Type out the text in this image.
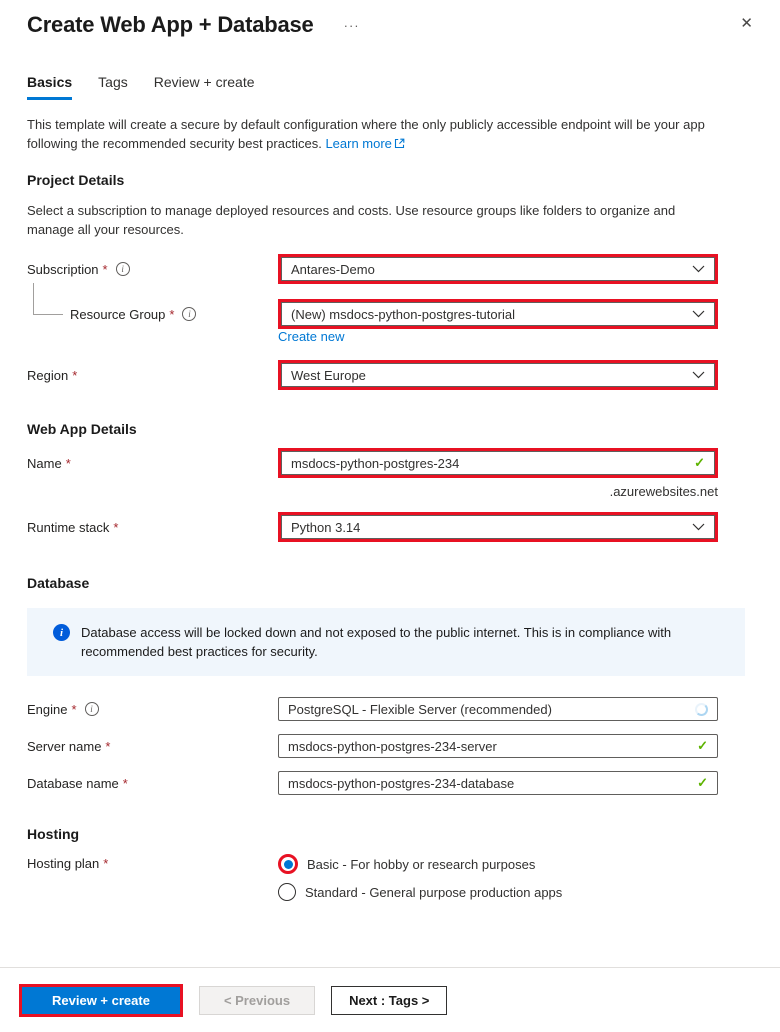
Create Web App + Database ···	✕
Basics Tags Review + create
This template will create a secure by default configuration where the only publicly accessible endpoint will be your app following the recommended security best practices. Learn more
Project Details
Select a subscription to manage deployed resources and costs. Use resource groups like folders to organize and manage all your resources.
Subscription *	i	Antares-Demo
Resource Group *	i	(New) msdocs-python-postgres-tutorial
Create new
Region *	West Europe
Web App Details
Name *	msdocs-python-postgres-234	✓
.azurewebsites.net
Runtime stack *	Python 3.14
Database
i	Database access will be locked down and not exposed to the public internet. This is in compliance with recommended best practices for security.
Engine *	i	PostgreSQL - Flexible Server (recommended)
Server name *	msdocs-python-postgres-234-server	✓
Database name *	msdocs-python-postgres-234-database	✓
Hosting
Hosting plan *	Basic - For hobby or research purposes
Standard - General purpose production apps
Review + create	< Previous	Next : Tags >
